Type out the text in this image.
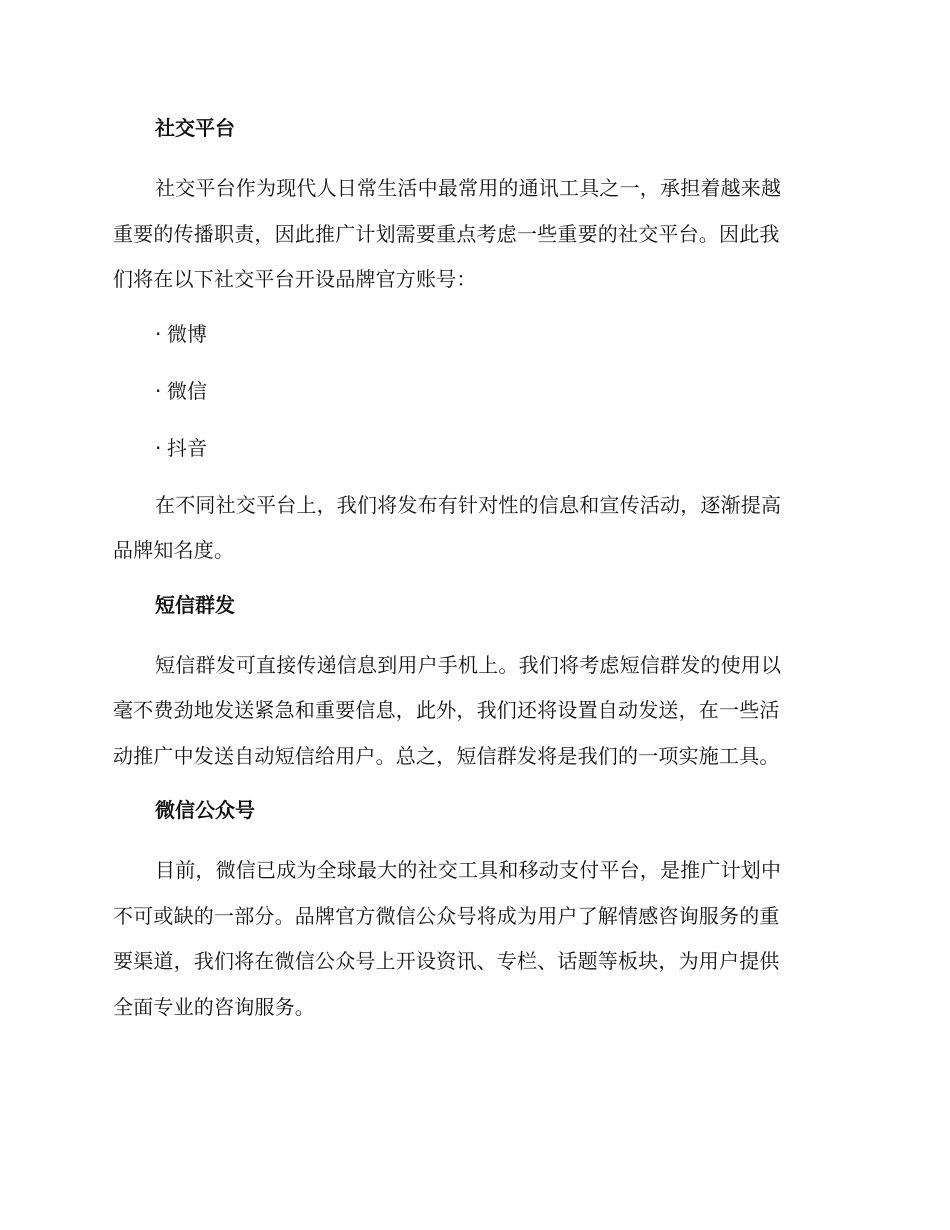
社交平台
社交平台作为现代人日常生活中最常用的通讯工具之一，承担着越来越
重要的传播职责，因此推广计划需要重点考虑一些重要的社交平台。因此我
们将在以下社交平台开设品牌官方账号：
· 微博
· 微信
· 抖音
在不同社交平台上，我们将发布有针对性的信息和宣传活动，逐渐提高
品牌知名度。
短信群发
短信群发可直接传递信息到用户手机上。我们将考虑短信群发的使用以
毫不费劲地发送紧急和重要信息，此外，我们还将设置自动发送，在一些活
动推广中发送自动短信给用户。总之，短信群发将是我们的一项实施工具。
微信公众号
目前，微信已成为全球最大的社交工具和移动支付平台，是推广计划中
不可或缺的一部分。品牌官方微信公众号将成为用户了解情感咨询服务的重
要渠道，我们将在微信公众号上开设资讯、专栏、话题等板块，为用户提供
全面专业的咨询服务。
